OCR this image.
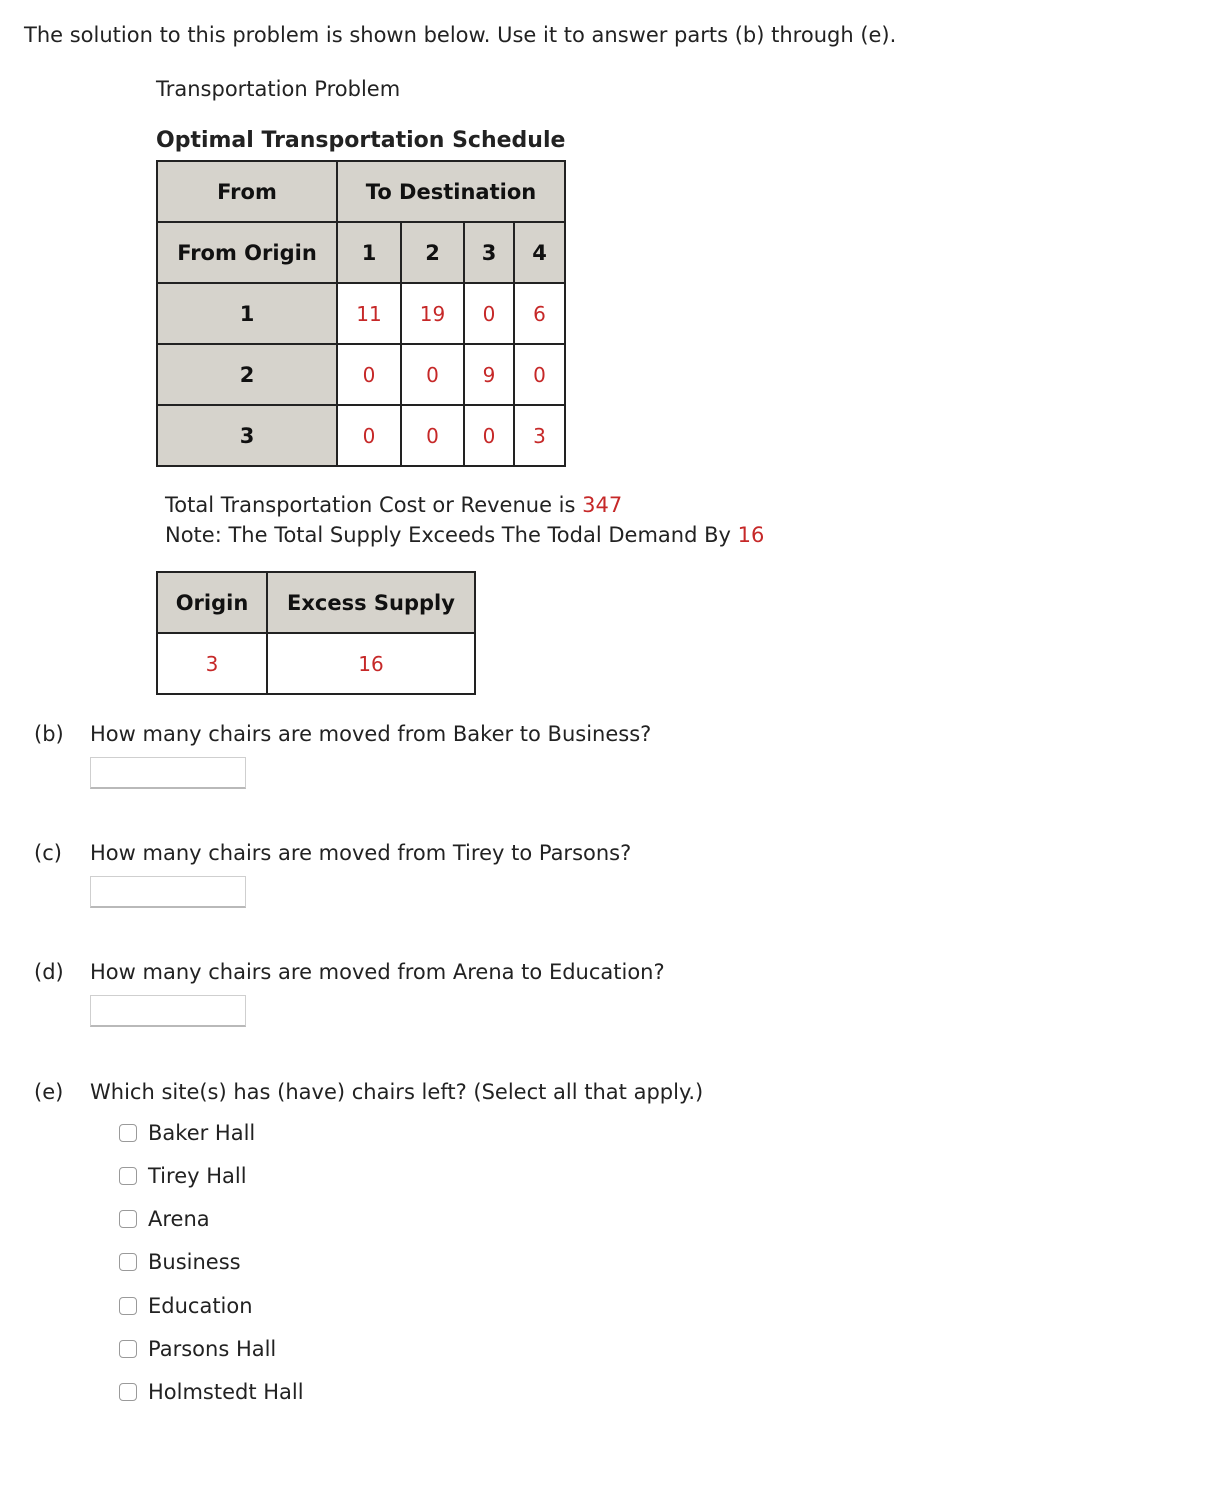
The solution to this problem is shown below. Use it to answer parts (b) through (e).
Transportation Problem
Optimal Transportation Schedule
From	To Destination			
From Origin	1	2	3	4
1	11	19	0	6
2	0	0	9	0
3	0	0	0	3
Total Transportation Cost or Revenue is 347
Note: The Total Supply Exceeds The Todal Demand By 16
Origin	Excess Supply
3	16
(b) How many chairs are moved from Baker to Business?
(c) How many chairs are moved from Tirey to Parsons?
(d) How many chairs are moved from Arena to Education?
(e) Which site(s) has (have) chairs left? (Select all that apply.)
Baker Hall
Tirey Hall
Arena
Business
Education
Parsons Hall
Holmstedt Hall
